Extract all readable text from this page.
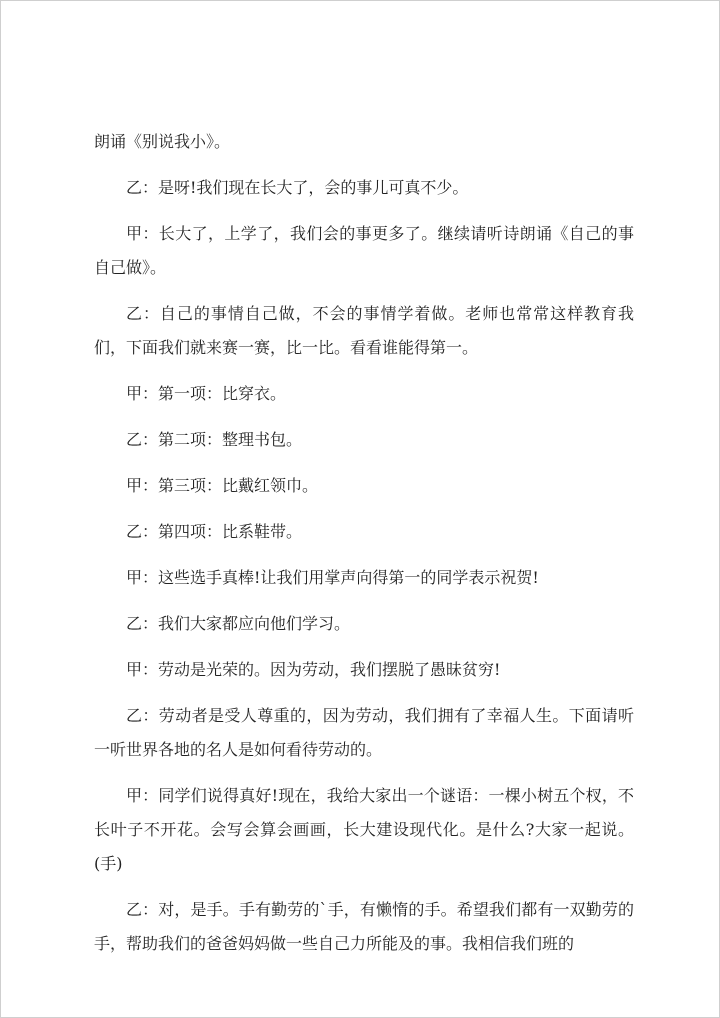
朗诵《别说我小》。

乙：是呀!我们现在长大了，会的事儿可真不少。

甲：长大了，上学了，我们会的事更多了。继续请听诗朗诵《自己的事自己做》。

乙：自己的事情自己做，不会的事情学着做。老师也常常这样教育我们，下面我们就来赛一赛，比一比。看看谁能得第一。

甲：第一项：比穿衣。

乙：第二项：整理书包。

甲：第三项：比戴红领巾。

乙：第四项：比系鞋带。

甲：这些选手真棒!让我们用掌声向得第一的同学表示祝贺!

乙：我们大家都应向他们学习。

甲：劳动是光荣的。因为劳动，我们摆脱了愚昧贫穷!

乙：劳动者是受人尊重的，因为劳动，我们拥有了幸福人生。下面请听一听世界各地的名人是如何看待劳动的。

甲：同学们说得真好!现在，我给大家出一个谜语：一棵小树五个杈，不长叶子不开花。会写会算会画画，长大建设现代化。是什么?大家一起说。(手)

乙：对，是手。手有勤劳的`手，有懒惰的手。希望我们都有一双勤劳的手，帮助我们的爸爸妈妈做一些自己力所能及的事。我相信我们班的
